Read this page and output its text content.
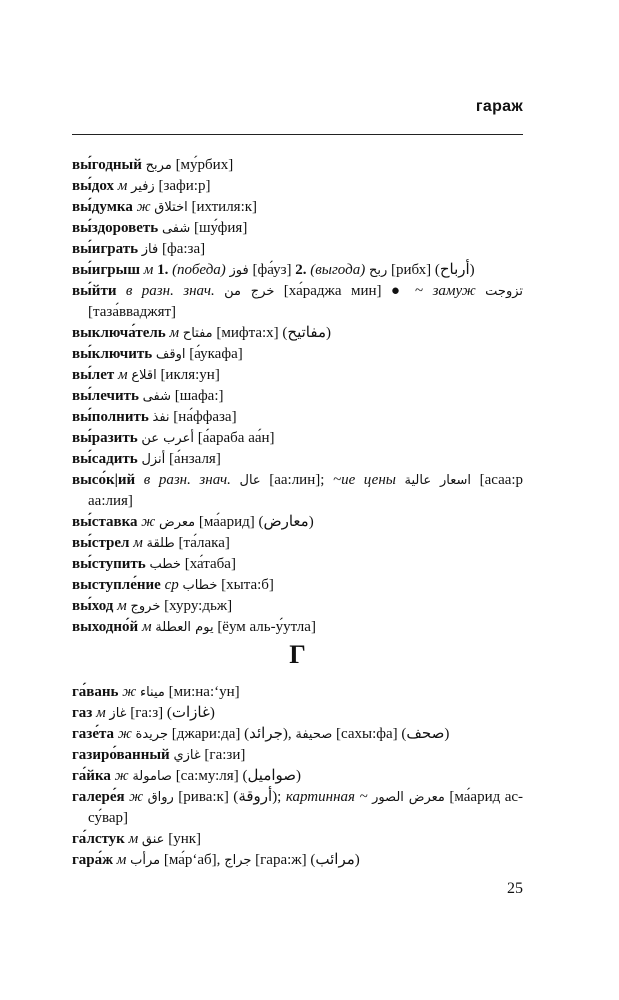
гараж
вы́годный مربح [му́рбих]
вы́дох м زفير [зафи:р]
вы́думка ж اختلاق [ихтиля:к]
вы́здороветь شفى [шу́фия]
вы́играть فاز [фа:за]
вы́игрыш м 1. (победа) فوز [фа́уз] 2. (выгода) ربح [рибх] (أرباح)
вы́йти в разн. знач. خرج من [ха́раджа мин] ● ~ замуж تزوجت [таза́вваджят]
выключа́тель м مفتاح [мифта:х] (مفاتيح)
вы́ключить اوقف [а́укафа]
вы́лет м اقلاع [икля:ун]
вы́лечить شفى [шафа:]
вы́полнить نفذ [на́ффаза]
вы́разить أعرب عن [а́араба аа́н]
вы́садить أنزل [а́нзаля]
высо́к|ий в разн. знач. عال [аа:лин]; ~ие цены اسعار عالية [асаа:р аа:лия]
вы́ставка ж معرض [ма́арид] (معارض)
вы́стрел м طلقة [та́лака]
вы́ступить خطب [ха́таба]
выступле́ние ср خطاب [хыта:б]
вы́ход м خروج [хуру:дьж]
выходно́й м يوم العطلة [ёум аль-у́утла]
Г
га́вань ж ميناء [ми:на:‘ун]
газ м غاز [га:з] (غازات)
газе́та ж جريدة [джари:да] (جرائد), صحيفة [сахы:фа] (صحف)
газиро́ванный غازي [га:зи]
га́йка ж صامولة [са:му:ля] (صواميل)
галере́я ж رواق [рива:к] (أروقة); картинная ~ معرض الصور [ма́арид ас-су́вар]
га́лстук м عنق [унк]
гара́ж м مرأب [ма́р‘аб], جراج [гара:ж] (مرائب)
25
